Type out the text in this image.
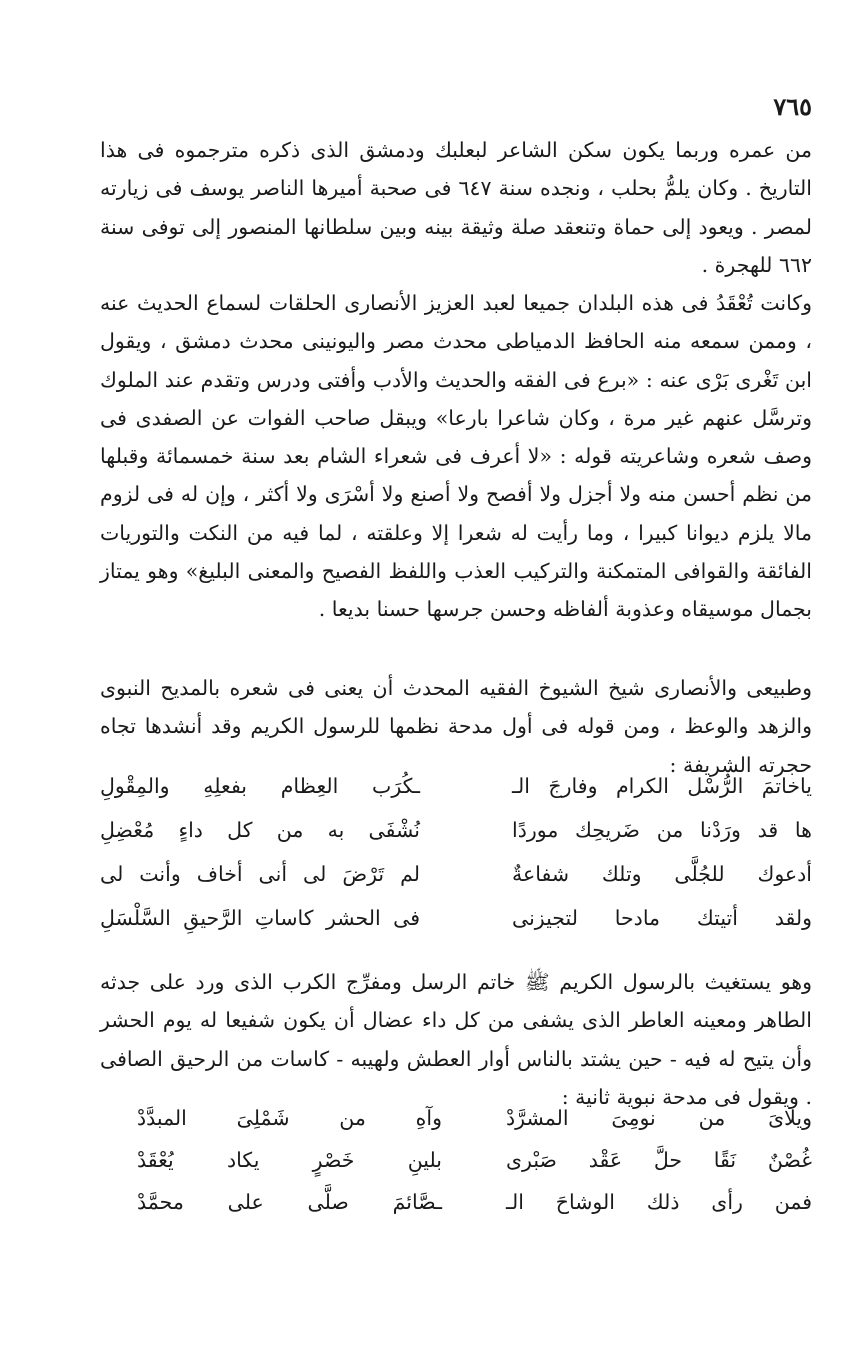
٧٦٥

من عمره وربما يكون سكن الشاعر لبعلبك ودمشق الذى ذكره مترجموه فى هذا التاريخ . وكان يلمُّ بحلب ، ونجده سنة ٦٤٧ فى صحبة أميرها الناصر يوسف فى زيارته لمصر . ويعود إلى حماة وتنعقد صلة وثيقة بينه وبين سلطانها المنصور إلى توفى سنة ٦٦٢ للهجرة .

وكانت تُعْقَدُ فى هذه البلدان جميعا لعبد العزيز الأنصارى الحلقات لسماع الحديث عنه ، وممن سمعه منه الحافظ الدمياطى محدث مصر واليونينى محدث دمشق ، ويقول ابن تَغْرى بَرْى عنه : «برع فى الفقه والحديث والأدب وأفتى ودرس وتقدم عند الملوك وترسَّل عنهم غير مرة ، وكان شاعرا بارعا» ويبقل صاحب الفوات عن الصفدى فى وصف شعره وشاعريته قوله : «لا أعرف فى شعراء الشام بعد سنة خمسمائة وقبلها من نظم أحسن منه ولا أجزل ولا أفصح ولا أصنع ولا أسْرَى ولا أكثر ، وإن له فى لزوم مالا يلزم ديوانا كبيرا ، وما رأيت له شعرا إلا وعلقته ، لما فيه من النكت والتوريات الفائقة والقوافى المتمكنة والتركيب العذب واللفظ الفصيح والمعنى البليغ» وهو يمتاز بجمال موسيقاه وعذوبة ألفاظه وحسن جرسها حسنا بديعا .

وطبيعى والأنصارى شيخ الشيوخ الفقيه المحدث أن يعنى فى شعره بالمديح النبوى والزهد والوعظ ، ومن قوله فى أول مدحة نظمها للرسول الكريم وقد أنشدها تجاه حجرته الشريفة :

ياخاتمَ الرُّسْل الكرام وفارجَ الـ
ـكُرَب العِظام بفعلِهِ والمِقْولِ
ها قد ورَدْنا من ضَريحِك موردًا
نُشْفَى به من كل داءٍ مُعْضِلِ
أدعوك للجُلَّى وتلك شفاعةٌ
لم تَرْضَ لى أنى أخاف وأنت لى
ولقد أتيتك مادحا لتجيزنى
فى الحشر كاساتِ الرَّحيقِ السَّلْسَلِ

وهو يستغيث بالرسول الكريم ﷺ خاتم الرسل ومفرِّج الكرب الذى ورد على جدثه الطاهر ومعينه العاطر الذى يشفى من كل داء عضال أن يكون شفيعا له يوم الحشر وأن يتيح له فيه - حين يشتد بالناس أوار العطش ولهيبه - كاسات من الرحيق الصافى . ويقول فى مدحة نبوية ثانية :

ويلاىَ من نومِىَ المشرَّدْ
وآهِ من شَمْلِىَ المبدَّدْ
غُصْنٌ نَقًا حلَّ عَقْد صَبْرى
بلينِ خَصْرٍ يكاد يُعْقَدْ
فمن رأى ذلك الوشاحَ الـ
ـصَّائمَ صلَّى على محمَّدْ
